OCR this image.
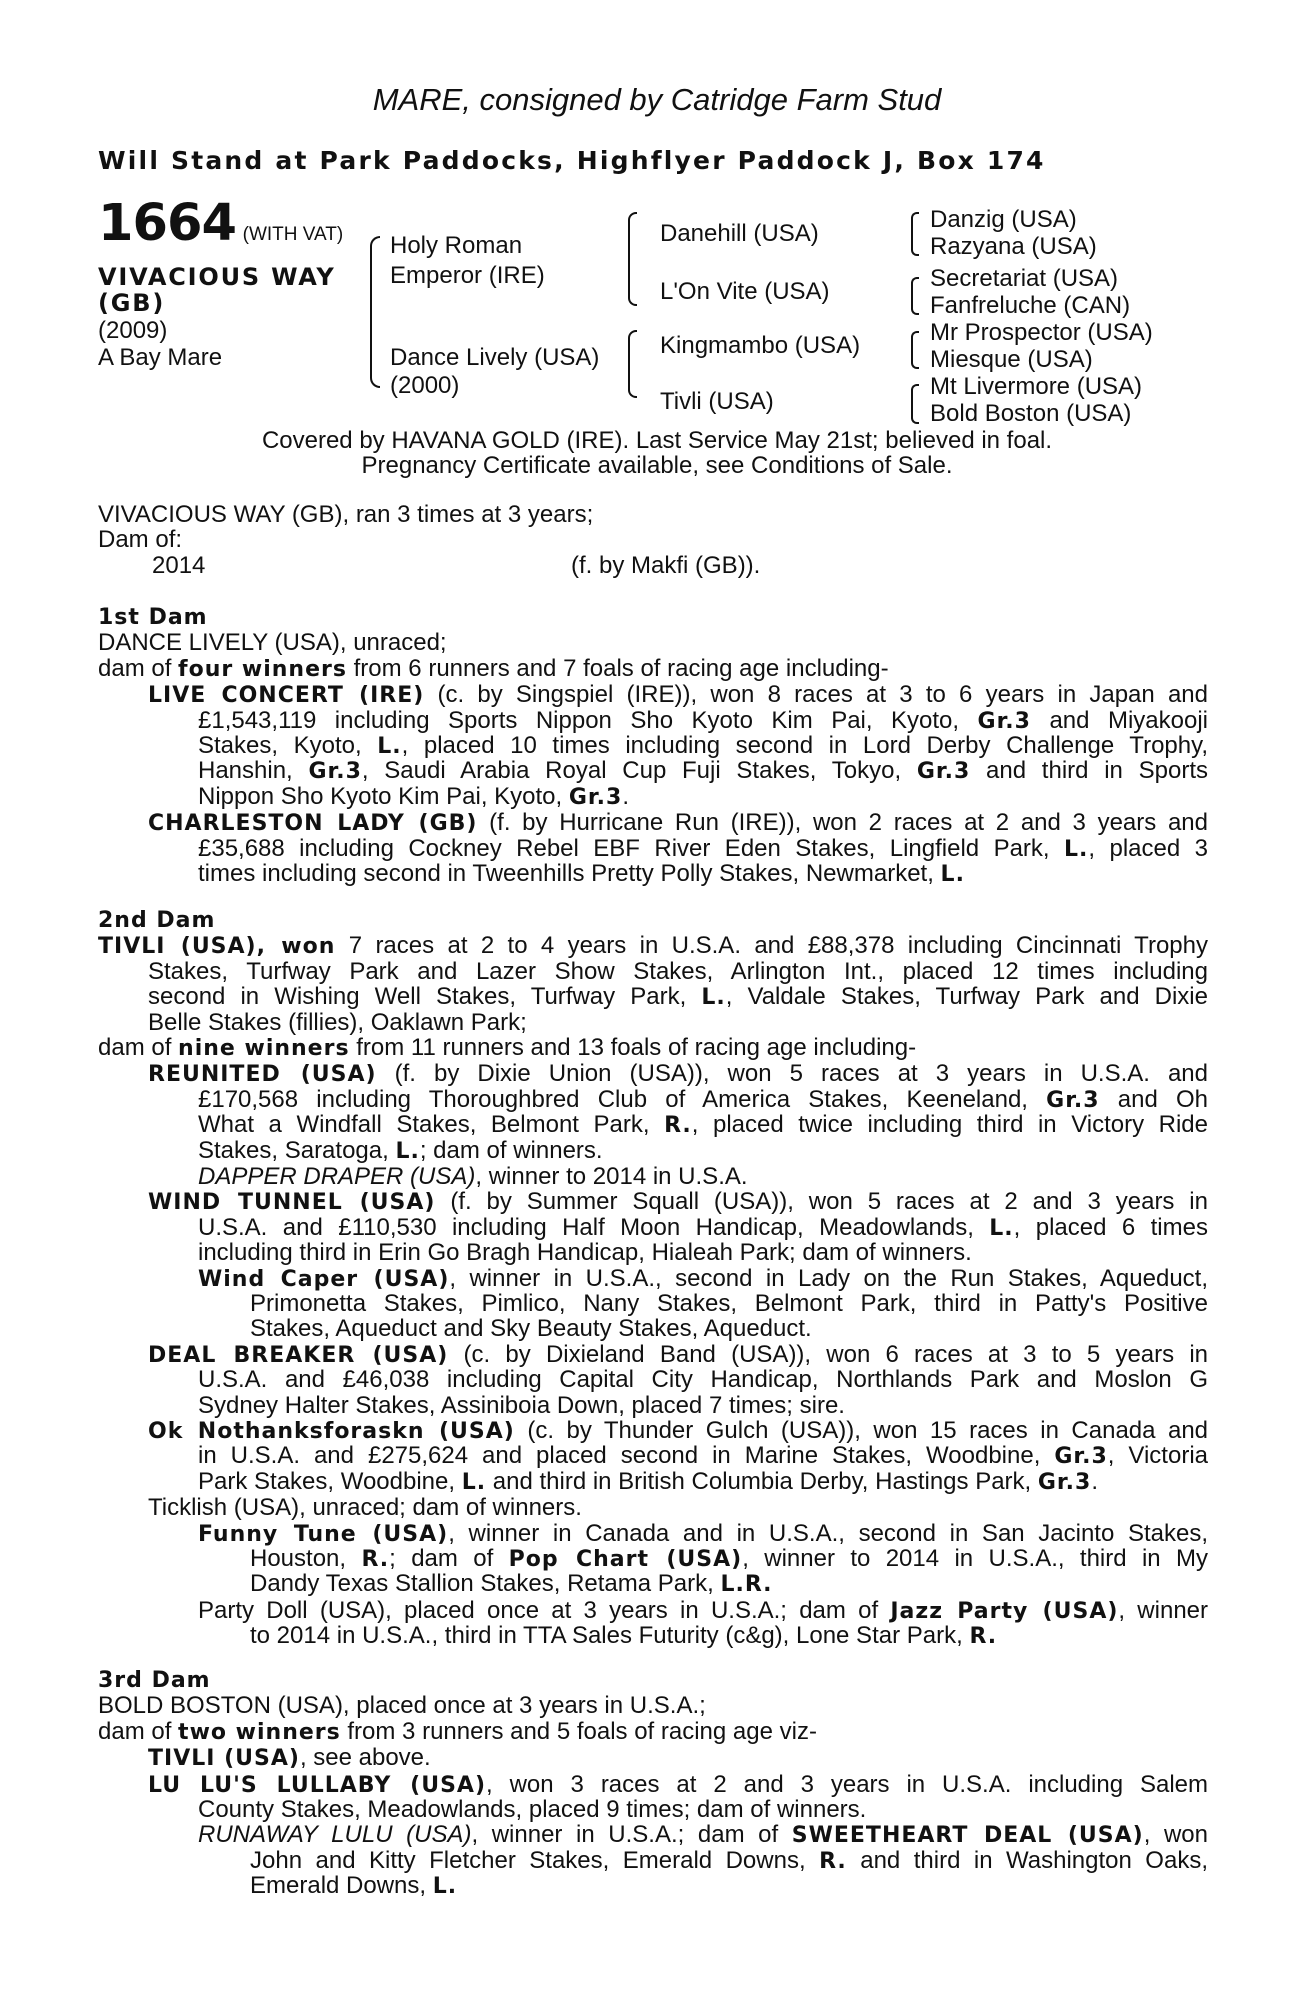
MARE, consigned by Catridge Farm Stud
Will Stand at Park Paddocks, Highflyer Paddock J, Box 174
1664 (WITH VAT)
VIVACIOUS WAY
(GB)
(2009)
A Bay Mare
Holy Roman
Emperor (IRE)
Dance Lively (USA)
(2000)
Danehill (USA)
L'On Vite (USA)
Kingmambo (USA)
Tivli (USA)
Danzig (USA)
Razyana (USA)
Secretariat (USA)
Fanfreluche (CAN)
Mr Prospector (USA)
Miesque (USA)
Mt Livermore (USA)
Bold Boston (USA)
Covered by HAVANA GOLD (IRE). Last Service May 21st; believed in foal.
Pregnancy Certificate available, see Conditions of Sale.
VIVACIOUS WAY (GB), ran 3 times at 3 years;
Dam of:
2014	(f. by Makfi (GB)).
1st Dam
DANCE LIVELY (USA), unraced;
dam of four winners from 6 runners and 7 foals of racing age including-
LIVE CONCERT (IRE) (c. by Singspiel (IRE)), won 8 races at 3 to 6 years in Japan and
£1,543,119 including Sports Nippon Sho Kyoto Kim Pai, Kyoto, Gr.3 and Miyakooji
Stakes, Kyoto, L., placed 10 times including second in Lord Derby Challenge Trophy,
Hanshin, Gr.3, Saudi Arabia Royal Cup Fuji Stakes, Tokyo, Gr.3 and third in Sports
Nippon Sho Kyoto Kim Pai, Kyoto, Gr.3.
CHARLESTON LADY (GB) (f. by Hurricane Run (IRE)), won 2 races at 2 and 3 years and
£35,688 including Cockney Rebel EBF River Eden Stakes, Lingfield Park, L., placed 3
times including second in Tweenhills Pretty Polly Stakes, Newmarket, L.
2nd Dam
TIVLI (USA), won 7 races at 2 to 4 years in U.S.A. and £88,378 including Cincinnati Trophy
Stakes, Turfway Park and Lazer Show Stakes, Arlington Int., placed 12 times including
second in Wishing Well Stakes, Turfway Park, L., Valdale Stakes, Turfway Park and Dixie
Belle Stakes (fillies), Oaklawn Park;
dam of nine winners from 11 runners and 13 foals of racing age including-
REUNITED (USA) (f. by Dixie Union (USA)), won 5 races at 3 years in U.S.A. and
£170,568 including Thoroughbred Club of America Stakes, Keeneland, Gr.3 and Oh
What a Windfall Stakes, Belmont Park, R., placed twice including third in Victory Ride
Stakes, Saratoga, L.; dam of winners.
DAPPER DRAPER (USA), winner to 2014 in U.S.A.
WIND TUNNEL (USA) (f. by Summer Squall (USA)), won 5 races at 2 and 3 years in
U.S.A. and £110,530 including Half Moon Handicap, Meadowlands, L., placed 6 times
including third in Erin Go Bragh Handicap, Hialeah Park; dam of winners.
Wind Caper (USA), winner in U.S.A., second in Lady on the Run Stakes, Aqueduct,
Primonetta Stakes, Pimlico, Nany Stakes, Belmont Park, third in Patty's Positive
Stakes, Aqueduct and Sky Beauty Stakes, Aqueduct.
DEAL BREAKER (USA) (c. by Dixieland Band (USA)), won 6 races at 3 to 5 years in
U.S.A. and £46,038 including Capital City Handicap, Northlands Park and Moslon G
Sydney Halter Stakes, Assiniboia Down, placed 7 times; sire.
Ok Nothanksforaskn (USA) (c. by Thunder Gulch (USA)), won 15 races in Canada and
in U.S.A. and £275,624 and placed second in Marine Stakes, Woodbine, Gr.3, Victoria
Park Stakes, Woodbine, L. and third in British Columbia Derby, Hastings Park, Gr.3.
Ticklish (USA), unraced; dam of winners.
Funny Tune (USA), winner in Canada and in U.S.A., second in San Jacinto Stakes,
Houston, R.; dam of Pop Chart (USA), winner to 2014 in U.S.A., third in My
Dandy Texas Stallion Stakes, Retama Park, L.R.
Party Doll (USA), placed once at 3 years in U.S.A.; dam of Jazz Party (USA), winner
to 2014 in U.S.A., third in TTA Sales Futurity (c&g), Lone Star Park, R.
3rd Dam
BOLD BOSTON (USA), placed once at 3 years in U.S.A.;
dam of two winners from 3 runners and 5 foals of racing age viz-
TIVLI (USA), see above.
LU LU'S LULLABY (USA), won 3 races at 2 and 3 years in U.S.A. including Salem
County Stakes, Meadowlands, placed 9 times; dam of winners.
RUNAWAY LULU (USA), winner in U.S.A.; dam of SWEETHEART DEAL (USA), won
John and Kitty Fletcher Stakes, Emerald Downs, R. and third in Washington Oaks,
Emerald Downs, L.
